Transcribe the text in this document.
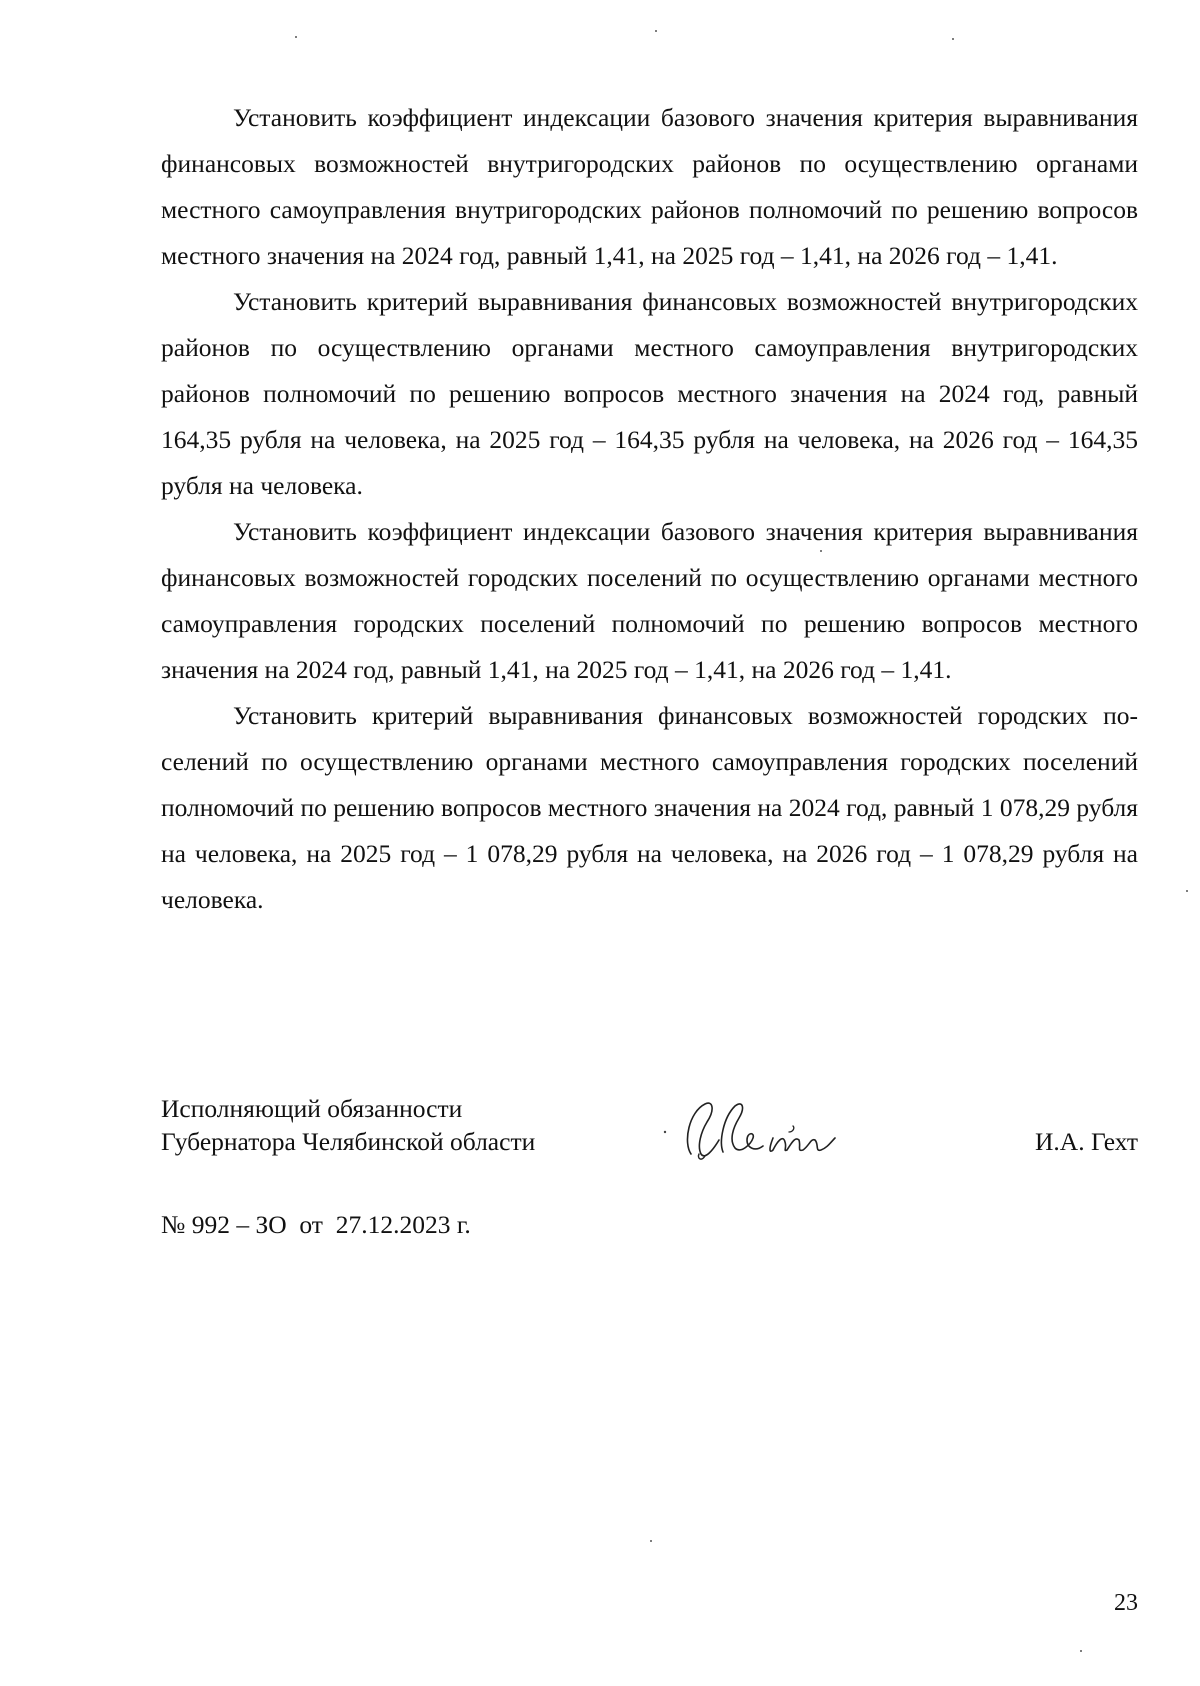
Установить коэффициент индексации базового значения критерия выравнивания финансовых возможностей внутригородских районов по осуществлению органами местного самоуправления внутригородских районов полномочий по решению вопросов местного значения на 2024 год, равный 1,41, на 2025 год – 1,41, на 2026 год – 1,41.

Установить критерий выравнивания финансовых возможностей внутригородских районов по осуществлению органами местного самоуправления внутригородских районов полномочий по решению вопросов местного значения на 2024 год, равный 164,35 рубля на человека, на 2025 год – 164,35 рубля на человека, на 2026 год – 164,35 рубля на человека.

Установить коэффициент индексации базового значения критерия выравнивания финансовых возможностей городских поселений по осуществлению органами местного самоуправления городских поселений полномочий по решению вопросов местного значения на 2024 год, равный 1,41, на 2025 год – 1,41, на 2026 год – 1,41.

Установить критерий выравнивания финансовых возможностей городских поселений по осуществлению органами местного самоуправления городских поселений полномочий по решению вопросов местного значения на 2024 год, равный 1 078,29 рубля на человека, на 2025 год – 1 078,29 рубля на человека, на 2026 год – 1 078,29 рубля на человека.

Исполняющий обязанности
Губернатора Челябинской области	И.А. Гехт
№ 992 – ЗО  от  27.12.2023 г.
23
